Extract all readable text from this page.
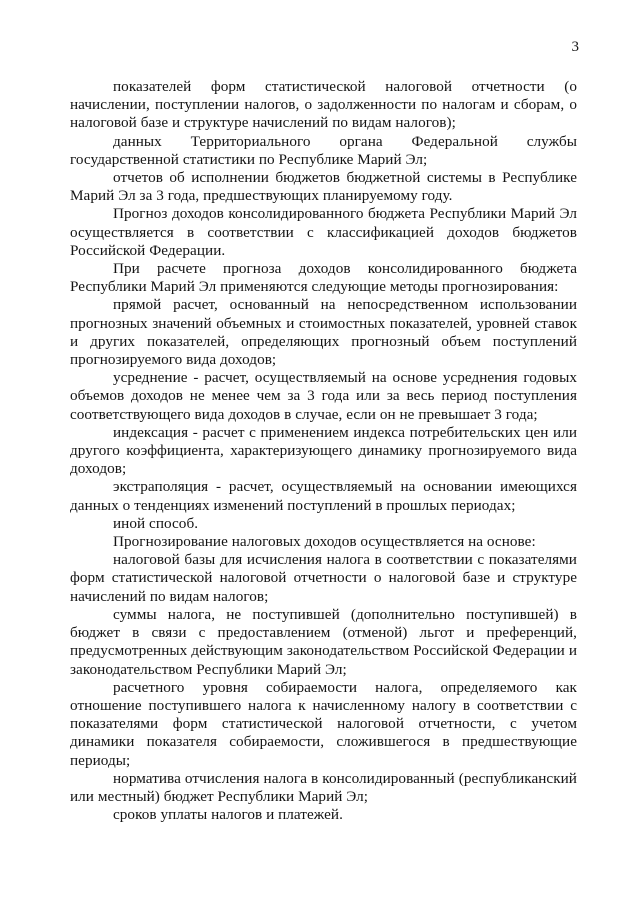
3

показателей форм статистической налоговой отчетности (о начислении, поступлении налогов, о задолженности по налогам и сборам, о налоговой базе и структуре начислений по видам налогов);

данных Территориального органа Федеральной службы государственной статистики по Республике Марий Эл;

отчетов об исполнении бюджетов бюджетной системы в Республике Марий Эл за 3 года, предшествующих планируемому году.

Прогноз доходов консолидированного бюджета Республики Марий Эл осуществляется в соответствии с классификацией доходов бюджетов Российской Федерации.

При расчете прогноза доходов консолидированного бюджета Республики Марий Эл применяются следующие методы прогнозирования:

прямой расчет, основанный на непосредственном использовании прогнозных значений объемных и стоимостных показателей, уровней ставок и других показателей, определяющих прогнозный объем поступлений прогнозируемого вида доходов;

усреднение - расчет, осуществляемый на основе усреднения годовых объемов доходов не менее чем за 3 года или за весь период поступления соответствующего вида доходов в случае, если он не превышает 3 года;

индексация - расчет с применением индекса потребительских цен или другого коэффициента, характеризующего динамику прогнозируемого вида доходов;

экстраполяция - расчет, осуществляемый на основании имеющихся данных о тенденциях изменений поступлений в прошлых периодах;

иной способ.

Прогнозирование налоговых доходов осуществляется на основе:

налоговой базы для исчисления налога в соответствии с показателями форм статистической налоговой отчетности о налоговой базе и структуре начислений по видам налогов;

суммы налога, не поступившей (дополнительно поступившей) в бюджет в связи с предоставлением (отменой) льгот и преференций, предусмотренных действующим законодательством Российской Федерации и законодательством Республики Марий Эл;

расчетного уровня собираемости налога, определяемого как отношение поступившего налога к начисленному налогу в соответствии с показателями форм статистической налоговой отчетности, с учетом динамики показателя собираемости, сложившегося в предшествующие периоды;

норматива отчисления налога в консолидированный (республиканский или местный) бюджет Республики Марий Эл;

сроков уплаты налогов и платежей.
